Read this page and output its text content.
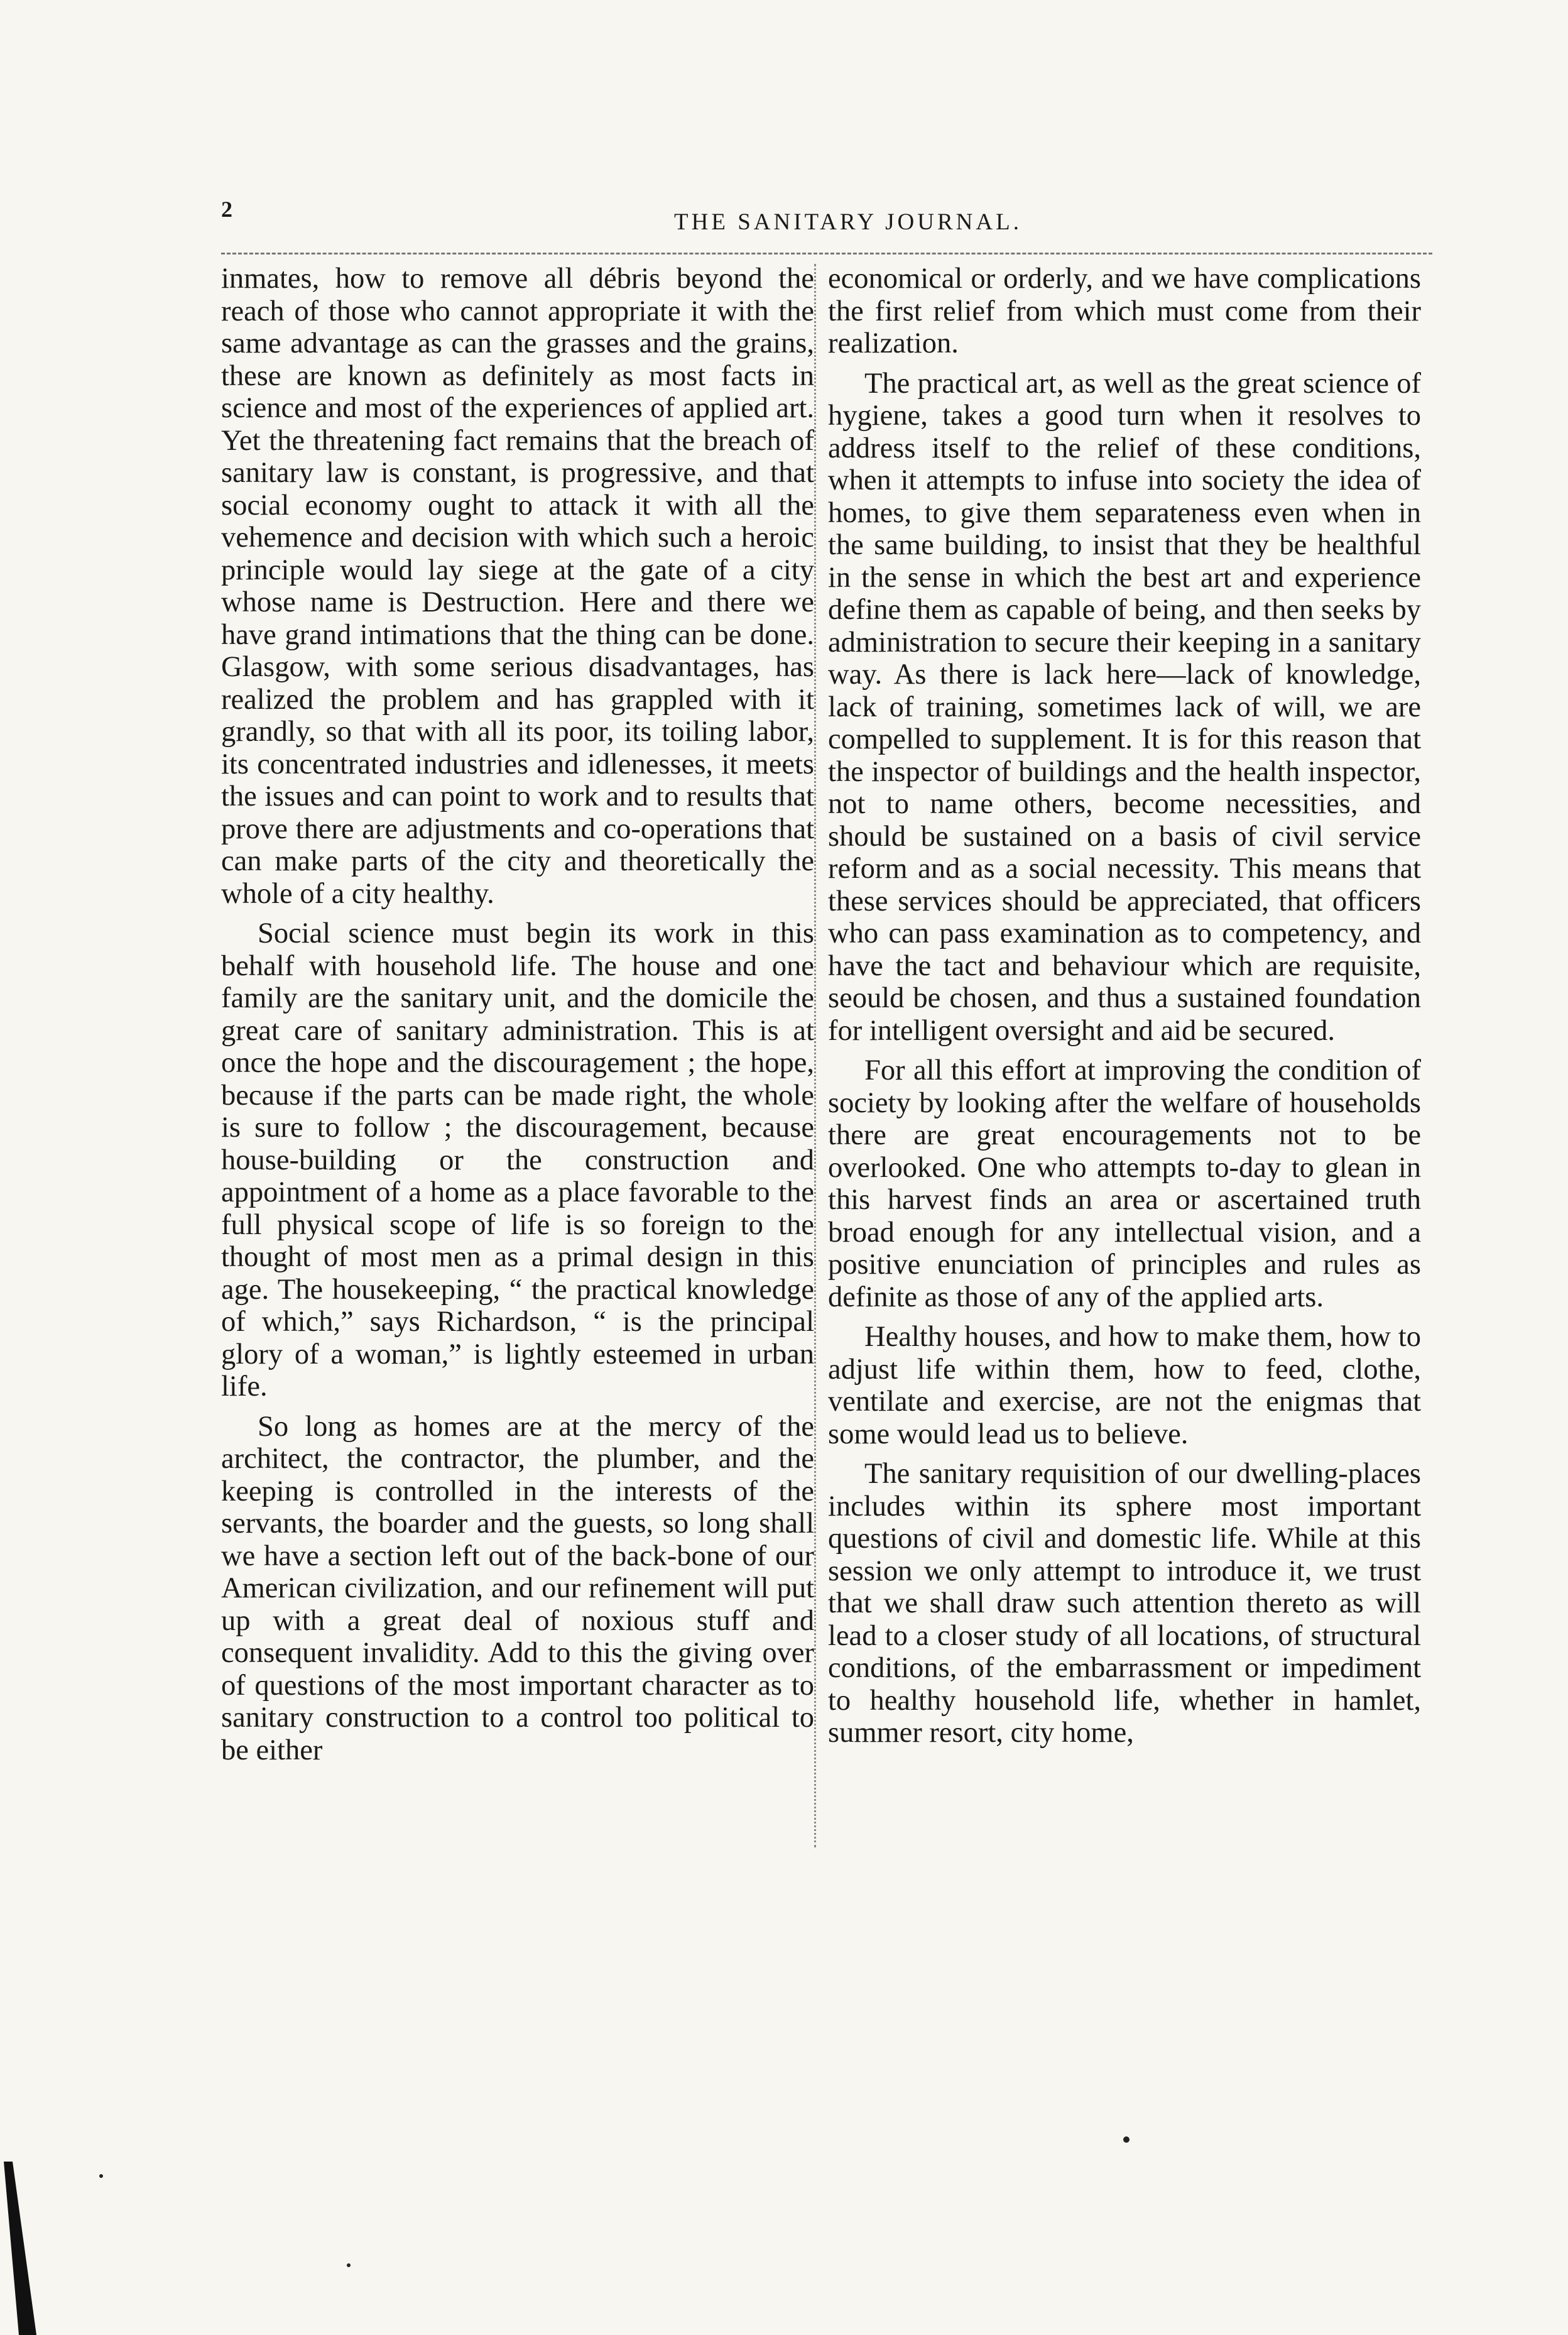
2	THE SANITARY JOURNAL.

inmates, how to remove all débris beyond the reach of those who cannot appropriate it with the same advantage as can the grasses and the grains, these are known as definitely as most facts in science and most of the experiences of applied art. Yet the threatening fact remains that the breach of sanitary law is constant, is progressive, and that social economy ought to attack it with all the vehemence and decision with which such a heroic principle would lay siege at the gate of a city whose name is Destruction. Here and there we have grand intimations that the thing can be done. Glasgow, with some serious disadvantages, has realized the problem and has grappled with it grandly, so that with all its poor, its toiling labor, its concentrated industries and idlenesses, it meets the issues and can point to work and to results that prove there are adjustments and co-operations that can make parts of the city and theoretically the whole of a city healthy.

Social science must begin its work in this behalf with household life. The house and one family are the sanitary unit, and the domicile the great care of sanitary administration. This is at once the hope and the discouragement ; the hope, because if the parts can be made right, the whole is sure to follow ; the discouragement, because house-building or the construction and appointment of a home as a place favorable to the full physical scope of life is so foreign to the thought of most men as a primal design in this age. The housekeeping, “ the practical knowledge of which,” says Richardson, “ is the principal glory of a woman,” is lightly esteemed in urban life.

So long as homes are at the mercy of the architect, the contractor, the plumber, and the keeping is controlled in the interests of the servants, the boarder and the guests, so long shall we have a section left out of the back-bone of our American civilization, and our refinement will put up with a great deal of noxious stuff and consequent invalidity. Add to this the giving over of questions of the most important character as to sanitary construction to a control too political to be either

economical or orderly, and we have complications the first relief from which must come from their realization.

The practical art, as well as the great science of hygiene, takes a good turn when it resolves to address itself to the relief of these conditions, when it attempts to infuse into society the idea of homes, to give them separateness even when in the same building, to insist that they be healthful in the sense in which the best art and experience define them as capable of being, and then seeks by administration to secure their keeping in a sanitary way. As there is lack here—lack of knowledge, lack of training, sometimes lack of will, we are compelled to supplement. It is for this reason that the inspector of buildings and the health inspector, not to name others, become necessities, and should be sustained on a basis of civil service reform and as a social necessity. This means that these services should be appreciated, that officers who can pass examination as to competency, and have the tact and behaviour which are requisite, seould be chosen, and thus a sustained foundation for intelligent oversight and aid be secured.

For all this effort at improving the condition of society by looking after the welfare of households there are great encouragements not to be overlooked. One who attempts to-day to glean in this harvest finds an area or ascertained truth broad enough for any intellectual vision, and a positive enunciation of principles and rules as definite as those of any of the applied arts.

Healthy houses, and how to make them, how to adjust life within them, how to feed, clothe, ventilate and exercise, are not the enigmas that some would lead us to believe.

The sanitary requisition of our dwelling-places includes within its sphere most important questions of civil and domestic life. While at this session we only attempt to introduce it, we trust that we shall draw such attention thereto as will lead to a closer study of all locations, of structural conditions, of the embarrassment or impediment to healthy household life, whether in hamlet, summer resort, city home,
